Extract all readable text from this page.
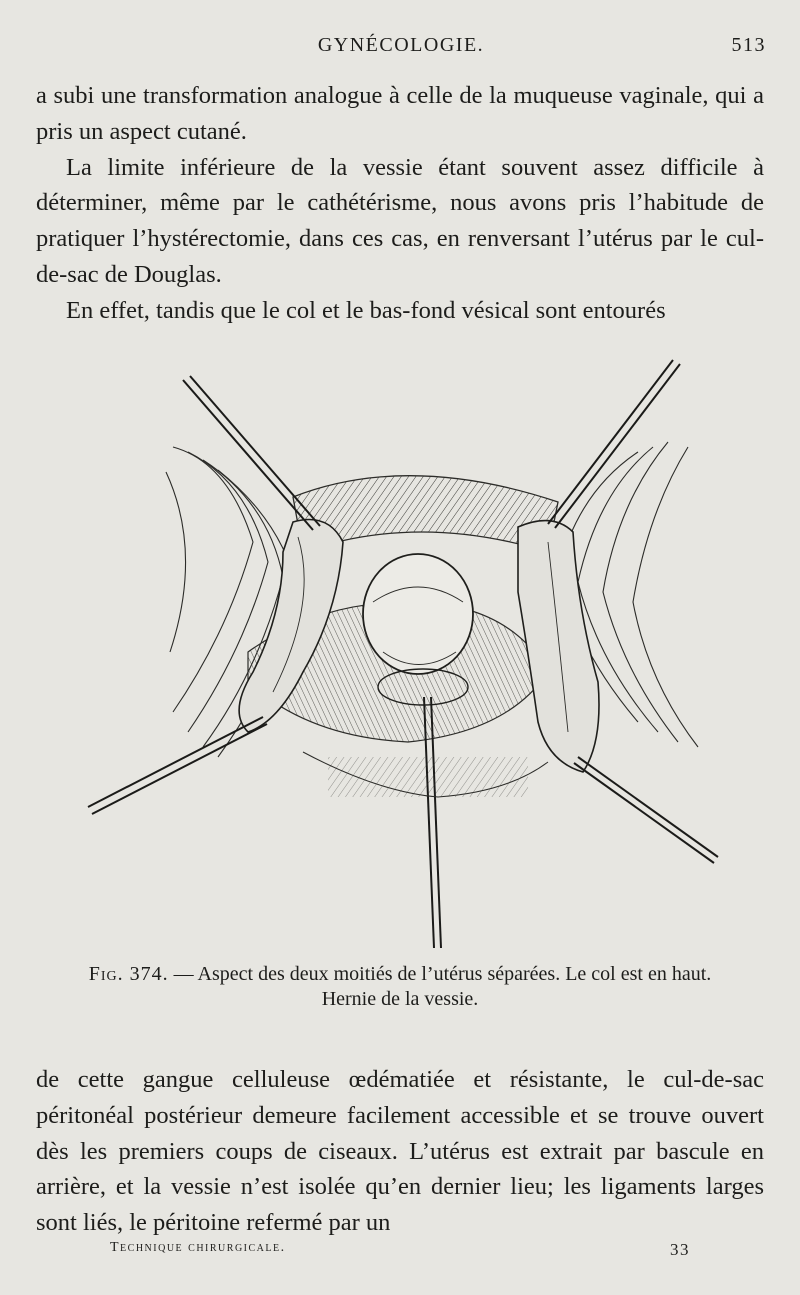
GYNÉCOLOGIE.	513

a subi une transformation analogue à celle de la muqueuse vaginale, qui a pris un aspect cutané.

La limite inférieure de la vessie étant souvent assez difficile à déterminer, même par le cathétérisme, nous avons pris l’habitude de pratiquer l’hystérectomie, dans ces cas, en renversant l’utérus par le cul-de-sac de Douglas.

En effet, tandis que le col et le bas-fond vésical sont entourés

Fig. 374. — Aspect des deux moitiés de l’utérus séparées. Le col est en haut.
Hernie de la vessie.

de cette gangue celluleuse œdématiée et résistante, le cul-de-sac péritonéal postérieur demeure facilement accessible et se trouve ouvert dès les premiers coups de ciseaux. L’utérus est extrait par bascule en arrière, et la vessie n’est isolée qu’en dernier lieu; les ligaments larges sont liés, le péritoine refermé par un

Technique chirurgicale.	33
